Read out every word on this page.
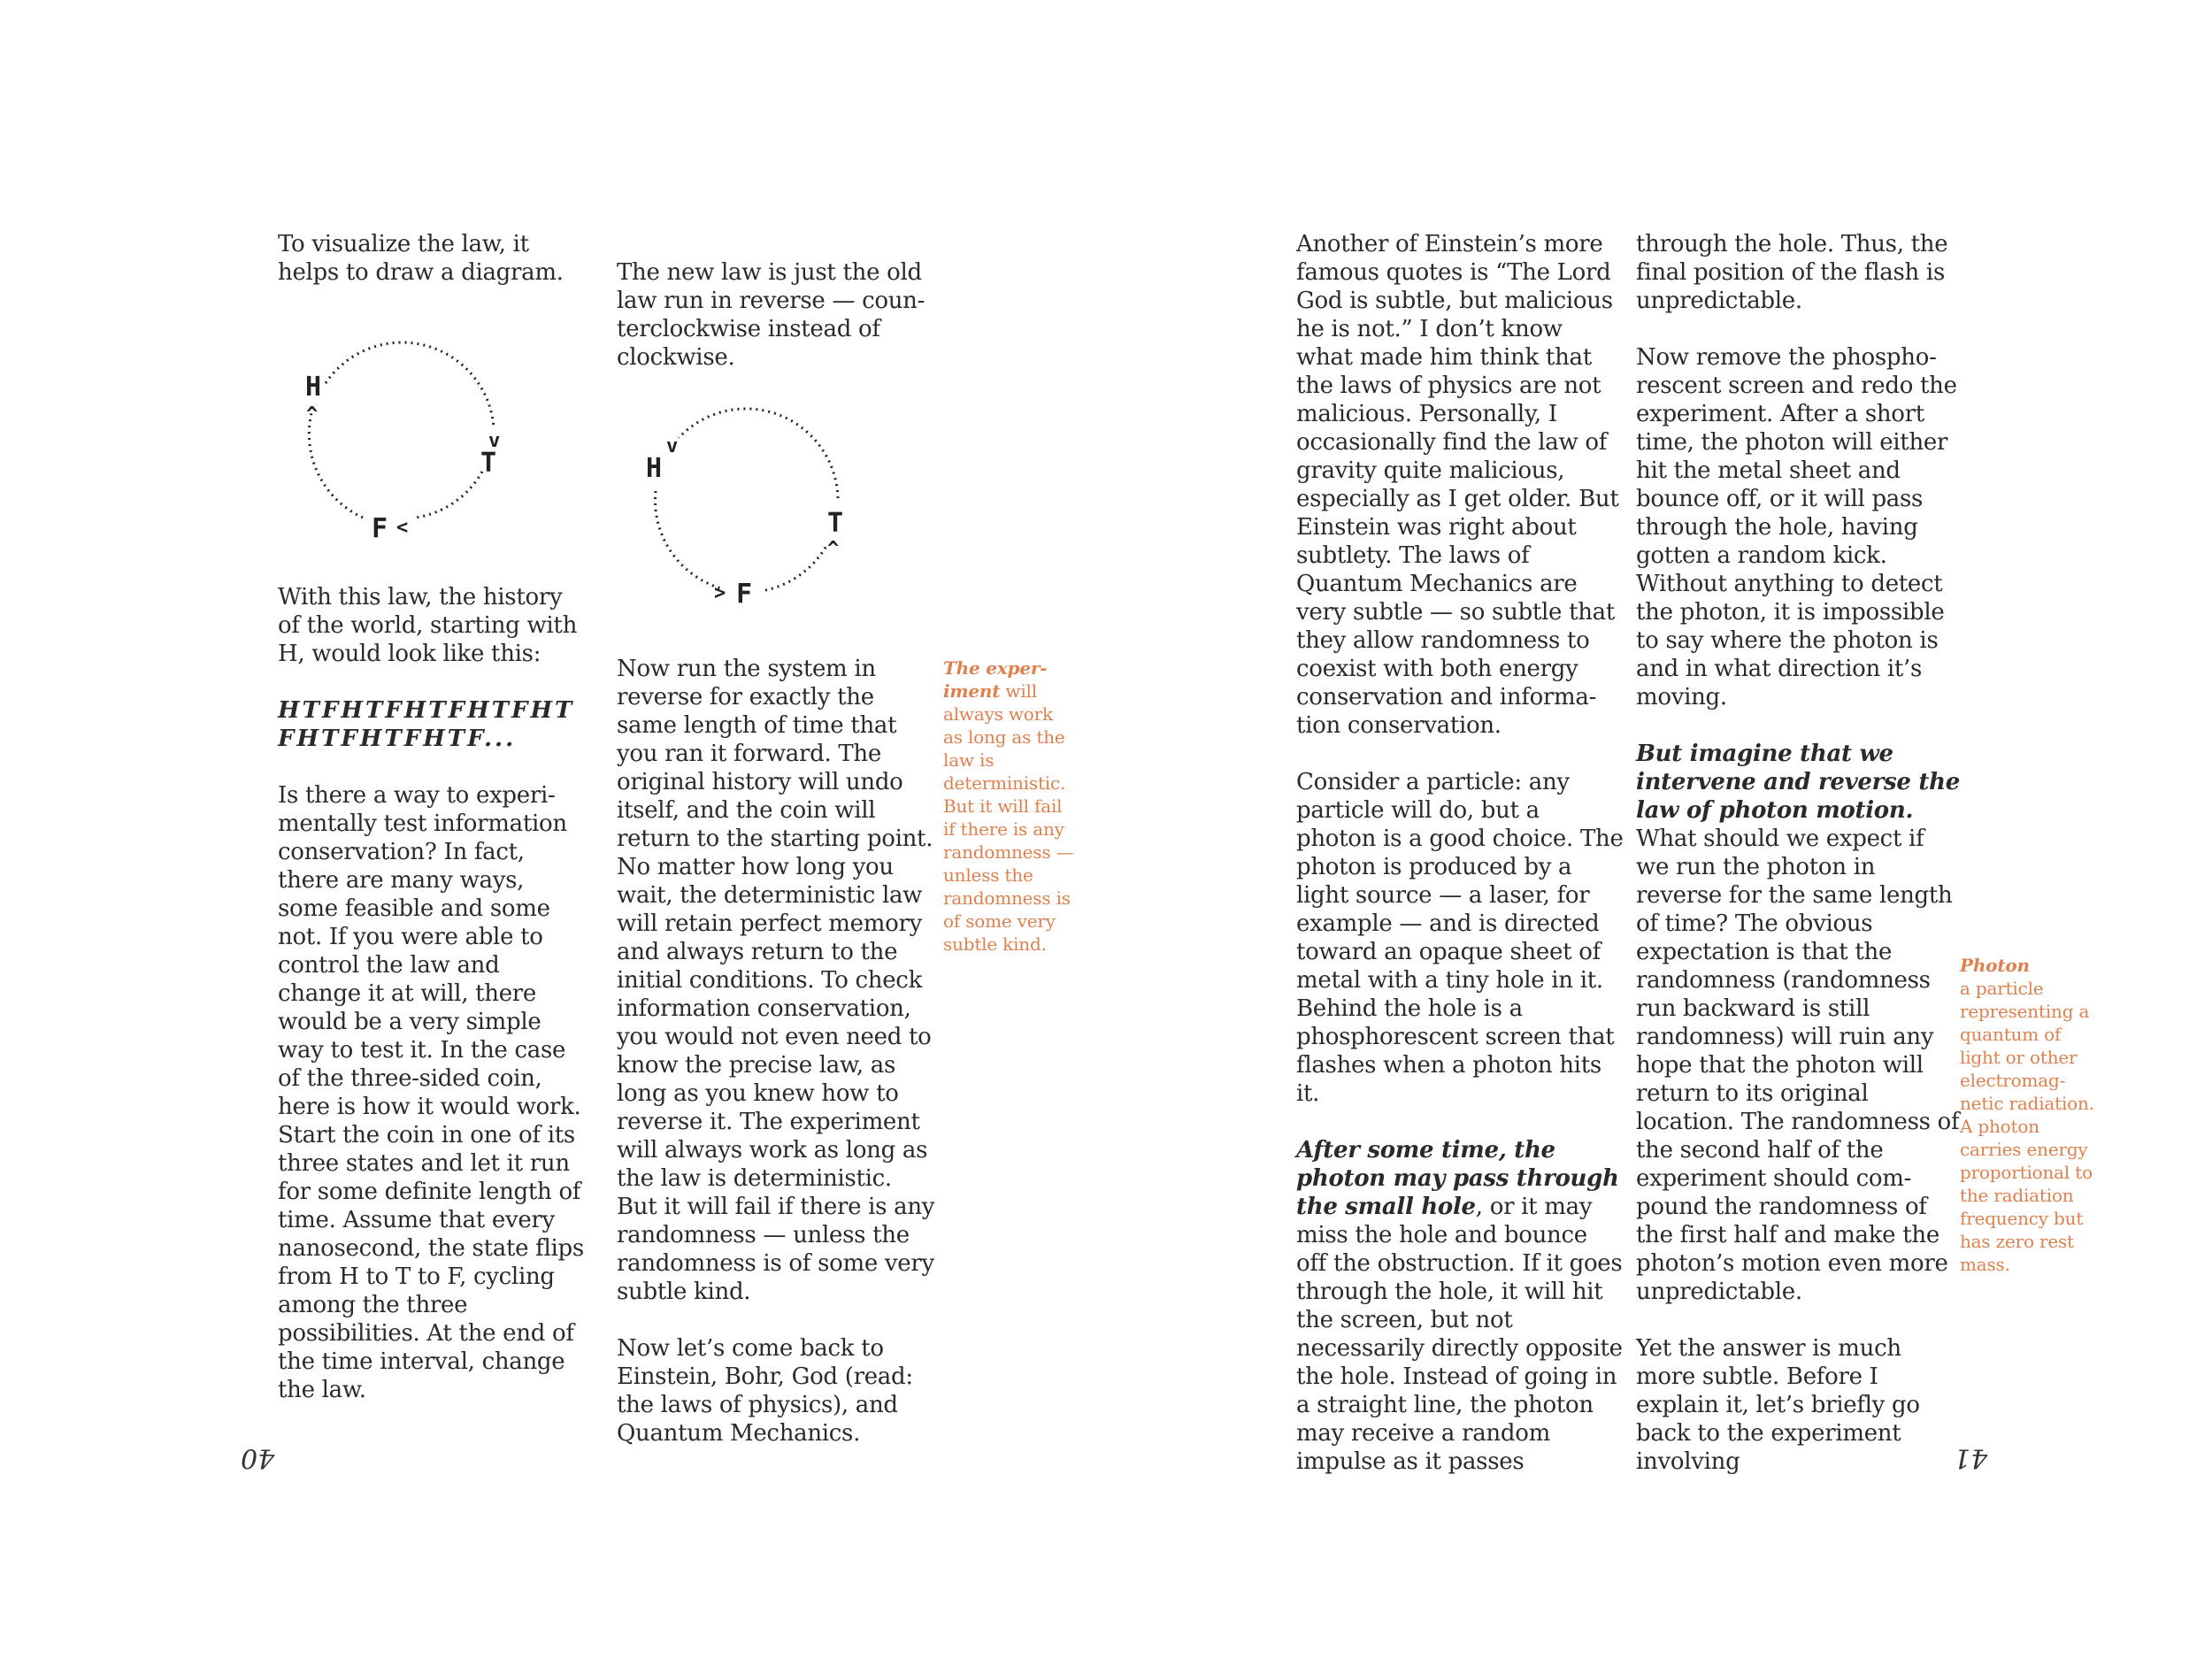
To visualize the law, it helps to draw a diagram.

With this law, the history of the world, starting with H, would look like this:

HTFHTFHTFHTFHT FHTFHTFHTF...

Is there a way to experimentally test information conservation? In fact, there are many ways, some feasible and some not. If you were able to control the law and change it at will, there would be a very simple way to test it. In the case of the three-sided coin, here is how it would work. Start the coin in one of its three states and let it run for some definite length of time. Assume that every nanosecond, the state flips from H to T to F, cycling among the three possibilities. At the end of the time interval, change the law.

H
T
F
v
<
^

The new law is just the old law run in reverse — counterclockwise instead of clockwise.

Now run the system in reverse for exactly the same length of time that you ran it forward. The original history will undo itself, and the coin will return to the starting point. No matter how long you wait, the deterministic law will retain perfect memory and always return to the initial conditions. To check information conservation, you would not even need to know the precise law, as long as you knew how to reverse it. The experiment will always work as long as the law is deterministic. But it will fail if there is any randomness — unless the randomness is of some very subtle kind.

Now let’s come back to Einstein, Bohr, God (read: the laws of physics), and Quantum Mechanics.

H
T
F
v
>
^
The experiment will always work as long as the law is deterministic. But it will fail if there is any randomness — unless the randomness is of some very subtle kind.
40

Another of Einstein’s more famous quotes is “The Lord God is subtle, but malicious he is not.” I don’t know what made him think that the laws of physics are not malicious. Personally, I occasionally find the law of gravity quite malicious, especially as I get older. But Einstein was right about subtlety. The laws of Quantum Mechanics are very subtle — so subtle that they allow randomness to coexist with both energy conservation and information conservation.

Consider a particle: any particle will do, but a photon is a good choice. The photon is produced by a light source — a laser, for example — and is directed toward an opaque sheet of metal with a tiny hole in it. Behind the hole is a phosphorescent screen that flashes when a photon hits it.

After some time, the photon may pass through the small hole, or it may miss the hole and bounce off the obstruction. If it goes through the hole, it will hit the screen, but not necessarily directly opposite the hole. Instead of going in a straight line, the photon may receive a random impulse as it passes

through the hole. Thus, the final position of the flash is unpredictable.

Now remove the phosphorescent screen and redo the experiment. After a short time, the photon will either hit the metal sheet and bounce off, or it will pass through the hole, having gotten a random kick. Without anything to detect the photon, it is impossible to say where the photon is and in what direction it’s moving.

But imagine that we intervene and reverse the law of photon motion. What should we expect if we run the photon in reverse for the same length of time? The obvious expectation is that the randomness (randomness run backward is still randomness) will ruin any hope that the photon will return to its original location. The randomness of the second half of the experiment should compound the randomness of the first half and make the photon’s motion even more unpredictable.

Yet the answer is much more subtle. Before I explain it, let’s briefly go back to the experiment involving

Photon
a particle representing a quantum of light or other electromagnetic radiation. A photon carries energy proportional to the radiation frequency but has zero rest mass.
41
